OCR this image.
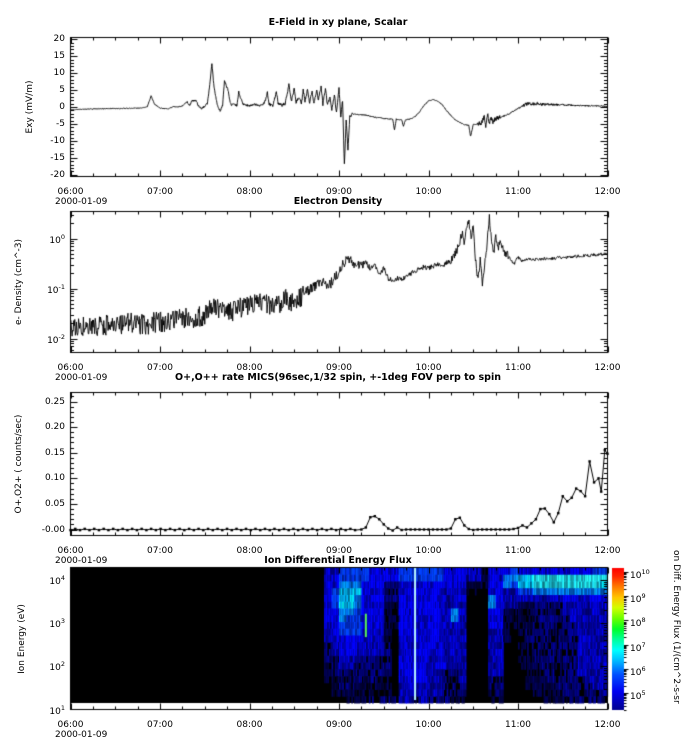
E-Field in xy plane, Scalar
Electron Density
O+,O++ rate MICS(96sec,1/32 spin, +-1deg FOV perp to spin
Ion Differential Energy Flux
Exy (mV/m)
e- Density (cm^-3)
O+,O2+ ( counts/sec)
Ion Energy (eV)
2000-01-09
2000-01-09
2000-01-09
2000-01-09
on Diff. Energy Flux (1/(cm^2-s-sr
06:00	07:00	08:00	09:00	10:00	11:00	12:00
06:00	07:00	08:00	09:00	10:00	11:00	12:00
06:00	07:00	08:00	09:00	10:00	11:00	12:00
06:00	07:00	08:00	09:00	10:00	11:00	12:00
20
15
10
5
0
-5
-10
-15
-20
$10^0$
$10^{-1}$
$10^{-2}$
0.25
0.20
0.15
0.10
0.05
-0.00
$10^4$
$10^3$
$10^2$
$10^1$
$10^{10}$
$10^9$
$10^8$
$10^7$
$10^6$
$10^5$
